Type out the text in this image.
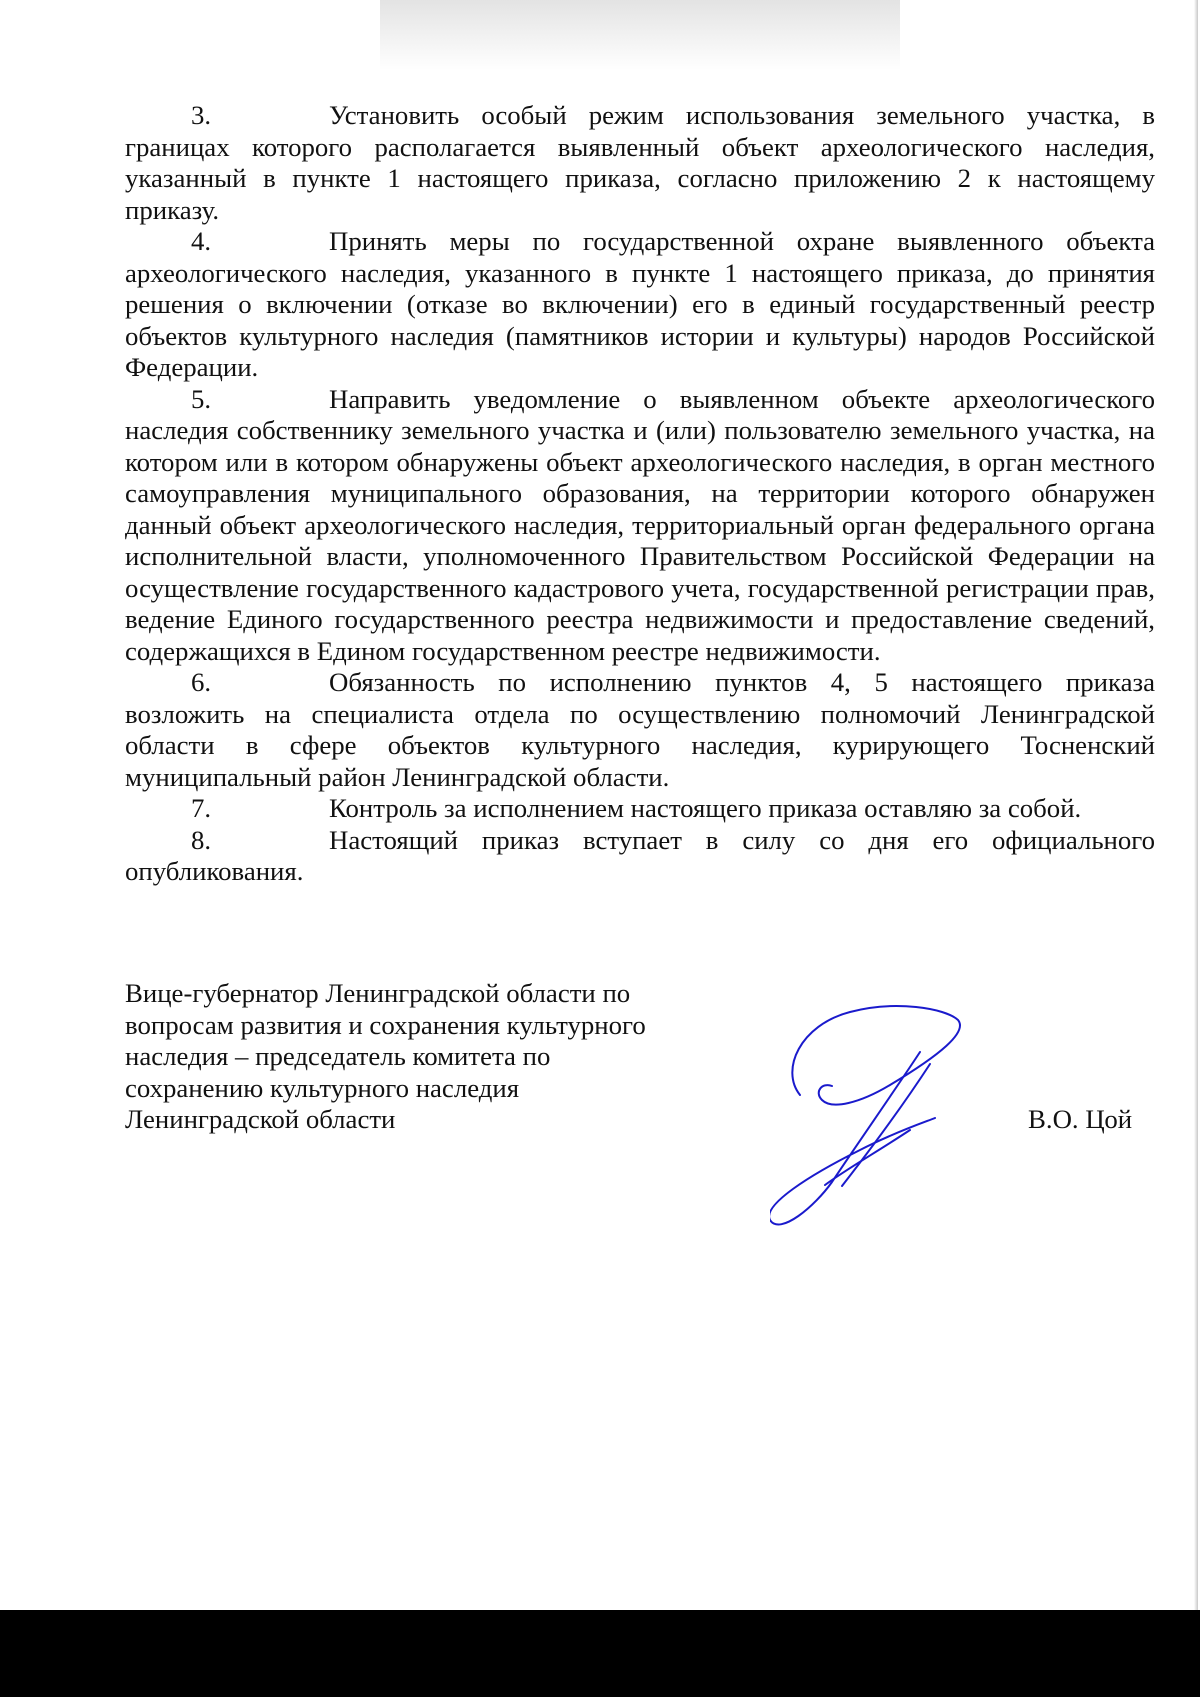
3.	Установить особый режим использования земельного участка, в границах которого располагается выявленный объект археологического наследия, указанный в пункте 1 настоящего приказа, согласно приложению 2 к настоящему приказу.

4.	Принять меры по государственной охране выявленного объекта археологического наследия, указанного в пункте 1 настоящего приказа, до принятия решения о включении (отказе во включении) его в единый государственный реестр объектов культурного наследия (памятников истории и культуры) народов Российской Федерации.

5.	Направить уведомление о выявленном объекте археологического наследия собственнику земельного участка и (или) пользователю земельного участка, на котором или в котором обнаружены объект археологического наследия, в орган местного самоуправления муниципального образования, на территории которого обнаружен данный объект археологического наследия, территориальный орган федерального органа исполнительной власти, уполномоченного Правительством Российской Федерации на осуществление государственного кадастрового учета, государственной регистрации прав, ведение Единого государственного реестра недвижимости и предоставление сведений, содержащихся в Едином государственном реестре недвижимости.

6.	Обязанность по исполнению пунктов 4, 5 настоящего приказа возложить на специалиста отдела по осуществлению полномочий Ленинградской области в сфере объектов культурного наследия, курирующего Тосненский муниципальный район Ленинградской области.

7.	Контроль за исполнением настоящего приказа оставляю за собой.

8.	Настоящий приказ вступает в силу со дня его официального опубликования.

Вице-губернатор Ленинградской области по
вопросам развития и сохранения культурного
наследия – председатель комитета по
сохранению культурного наследия
Ленинградской области	В.О. Цой
